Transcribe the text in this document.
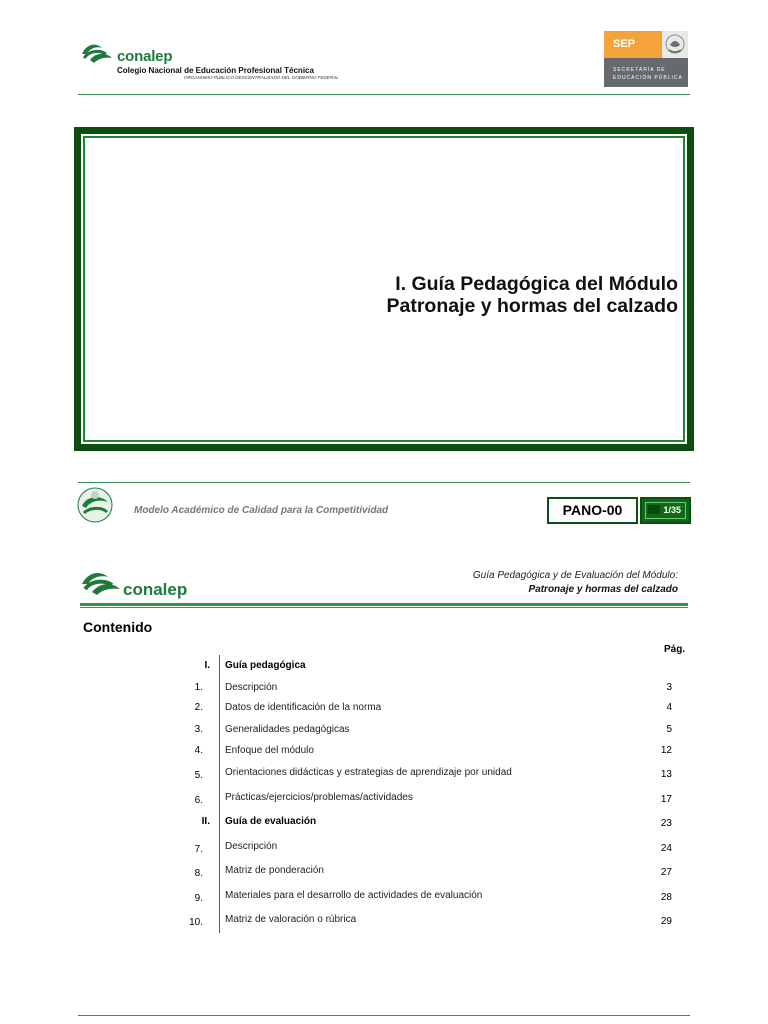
conalep
Colegio Nacional de Educación Profesional Técnica
ORGANISMO PÚBLICO DESCENTRALIZADO DEL GOBIERNO FEDERAL
SEP
SECRETARÍA DE
EDUCACIÓN PÚBLICA
I. Guía Pedagógica del Módulo
Patronaje y hormas del calzado
Modelo Académico de Calidad para la Competitividad	PANO-00	1/35
conalep
Guía Pedagógica y de Evaluación del Módulo:
Patronaje y hormas del calzado
Contenido
Pág.
I. Guía pedagógica
1. Descripción	3
2. Datos de identificación de la norma	4
3. Generalidades pedagógicas	5
4. Enfoque del módulo	12
5. Orientaciones didácticas y estrategias de aprendizaje por unidad	13
6. Prácticas/ejercicios/problemas/actividades	17
II. Guía de evaluación	23
7. Descripción	24
8. Matriz de ponderación	27
9. Materiales para el desarrollo de actividades de evaluación	28
10. Matriz de valoración o rúbrica	29
